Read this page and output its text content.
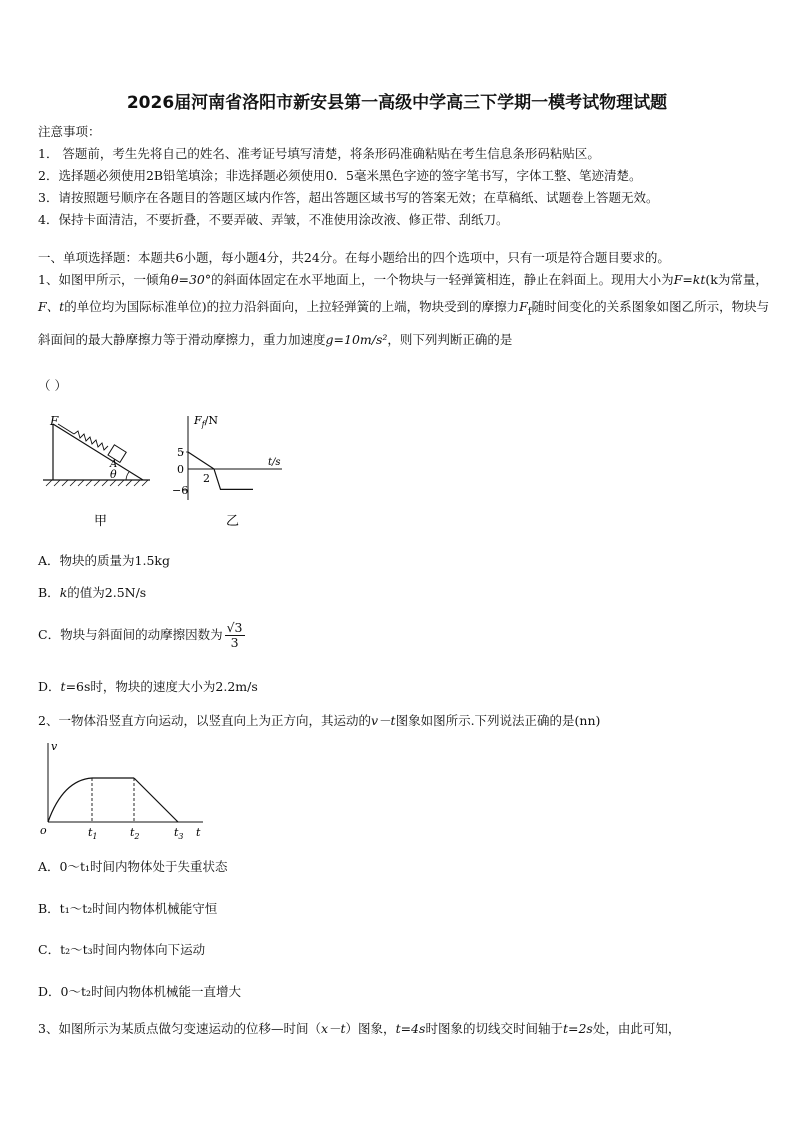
2026届河南省洛阳市新安县第一高级中学高三下学期一模考试物理试题
注意事项：
1． 答题前，考生先将自己的姓名、准考证号填写清楚，将条形码准确粘贴在考生信息条形码粘贴区。
2．选择题必须使用2B铅笔填涂；非选择题必须使用0．5毫米黑色字迹的签字笔书写，字体工整、笔迹清楚。
3．请按照题号顺序在各题目的答题区域内作答，超出答题区域书写的答案无效；在草稿纸、试题卷上答题无效。
4．保持卡面清洁，不要折叠，不要弄破、弄皱，不准使用涂改液、修正带、刮纸刀。
一、单项选择题：本题共6小题，每小题4分，共24分。在每小题给出的四个选项中，只有一项是符合题目要求的。
1、如图甲所示，一倾角θ=30°的斜面体固定在水平地面上，一个物块与一轻弹簧相连，静止在斜面上。现用大小为F=kt(k为常量，F、t的单位均为国际标准单位)的拉力沿斜面向，上拉轻弹簧的上端，物块受到的摩擦力$F_f$随时间变化的关系图象如图乙所示，物块与斜面间的最大静摩擦力等于滑动摩擦力，重力加速度g=10m/s²，则下列判断正确的是
（ ）
F
A
θ
甲
$F_f/N$
t/s
5
0
−6
2
乙
A．物块的质量为1.5kg
B．k的值为2.5N/s
C．物块与斜面间的动摩擦因数为 $\frac{√3}{3}$
D．t=6s时，物块的速度大小为2.2m/s
2、一物体沿竖直方向运动，以竖直向上为正方向，其运动的v－t图象如图所示.下列说法正确的是(nn)
v
o	$t_1$	$t_2$	$t_3$ t
A．0～t₁时间内物体处于失重状态
B．t₁～t₂时间内物体机械能守恒
C．t₂～t₃时间内物体向下运动
D．0～t₂时间内物体机械能一直增大
3、如图所示为某质点做匀变速运动的位移—时间（x－t）图象，t=4s时图象的切线交时间轴于t=2s处，由此可知，
